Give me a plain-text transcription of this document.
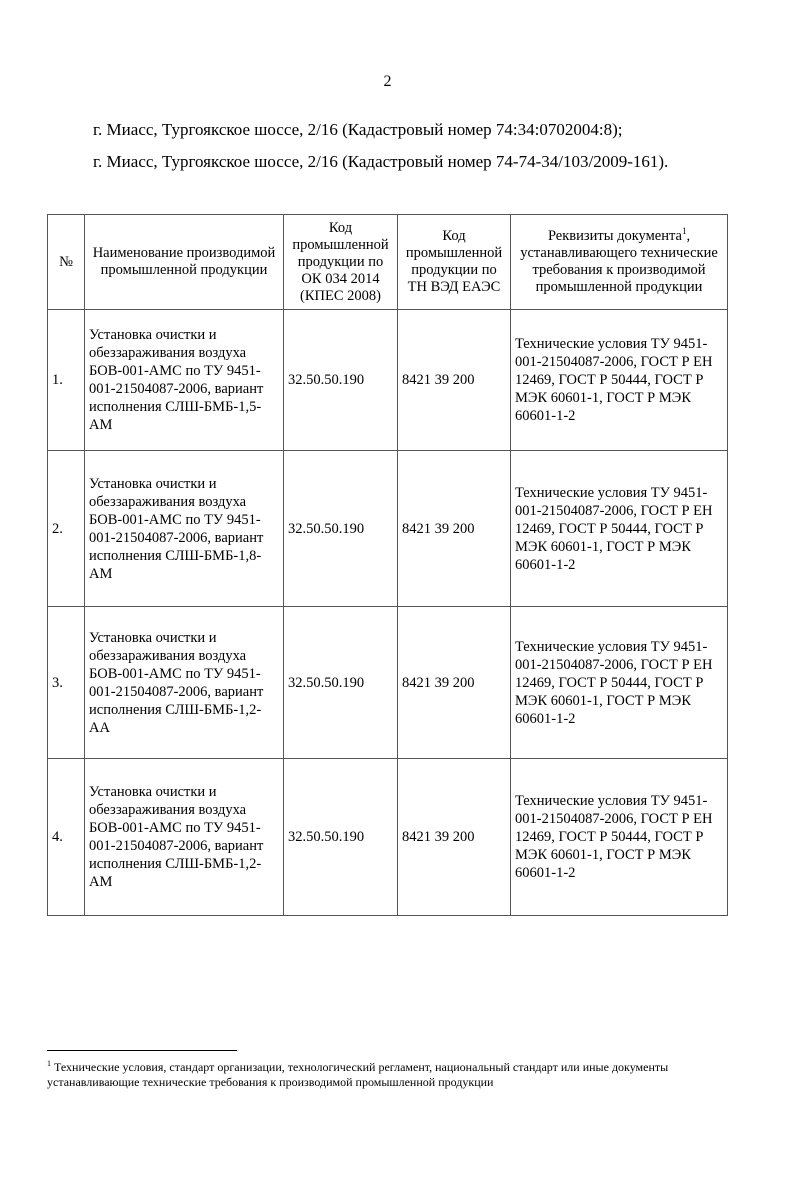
2
г. Миасс, Тургоякское шоссе, 2/16 (Кадастровый номер 74:34:0702004:8);
г. Миасс, Тургоякское шоссе, 2/16 (Кадастровый номер 74-74-34/103/2009-161).
№	Наименование производимой промышленной продукции	Код промышленной продукции по ОК 034 2014 (КПЕС 2008)	Код промышленной продукции по ТН ВЭД ЕАЭС	Реквизиты документа$^1$, устанавливающего технические требования к производимой промышленной продукции
1.	Установка очистки и обеззараживания воздуха БОВ-001-АМС по ТУ 9451-001-21504087-2006, вариант исполнения СЛШ-БМБ-1,5-АМ	32.50.50.190	8421 39 200	Технические условия ТУ 9451-001-21504087-2006, ГОСТ Р ЕН 12469, ГОСТ Р 50444, ГОСТ Р МЭК 60601-1, ГОСТ Р МЭК 60601-1-2
2.	Установка очистки и обеззараживания воздуха БОВ-001-АМС по ТУ 9451-001-21504087-2006, вариант исполнения СЛШ-БМБ-1,8-АМ	32.50.50.190	8421 39 200	Технические условия ТУ 9451-001-21504087-2006, ГОСТ Р ЕН 12469, ГОСТ Р 50444, ГОСТ Р МЭК 60601-1, ГОСТ Р МЭК 60601-1-2
3.	Установка очистки и обеззараживания воздуха БОВ-001-АМС по ТУ 9451-001-21504087-2006, вариант исполнения СЛШ-БМБ-1,2-АА	32.50.50.190	8421 39 200	Технические условия ТУ 9451-001-21504087-2006, ГОСТ Р ЕН 12469, ГОСТ Р 50444, ГОСТ Р МЭК 60601-1, ГОСТ Р МЭК 60601-1-2
4.	Установка очистки и обеззараживания воздуха БОВ-001-АМС по ТУ 9451-001-21504087-2006, вариант исполнения СЛШ-БМБ-1,2-АМ	32.50.50.190	8421 39 200	Технические условия ТУ 9451-001-21504087-2006, ГОСТ Р ЕН 12469, ГОСТ Р 50444, ГОСТ Р МЭК 60601-1, ГОСТ Р МЭК 60601-1-2
$^1$ Технические условия, стандарт организации, технологический регламент, национальный стандарт или иные документы устанавливающие технические требования к производимой промышленной продукции
